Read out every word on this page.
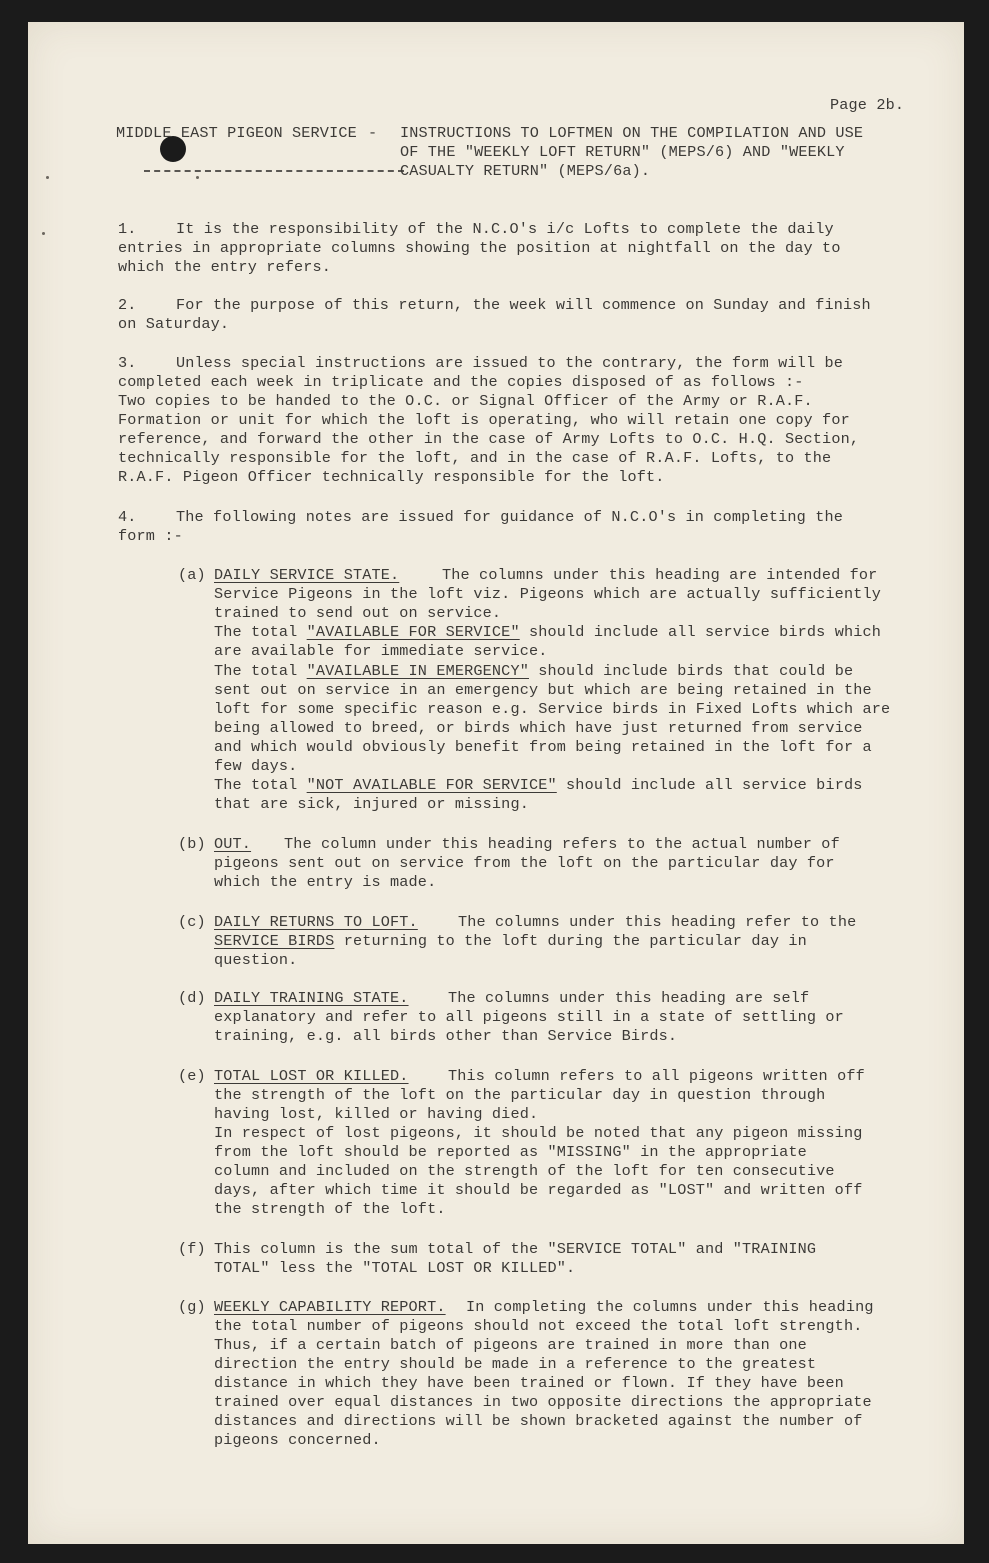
Page 2b.
MIDDLE EAST PIGEON SERVICE - INSTRUCTIONS TO LOFTMEN ON THE COMPILATION AND USE
OF THE "WEEKLY LOFT RETURN" (MEPS/6) AND "WEEKLY
CASUALTY RETURN" (MEPS/6a).
1.	It is the responsibility of the N.C.O's i/c Lofts to complete the daily
entries in appropriate columns showing the position at nightfall on the day to
which the entry refers.
2.	For the purpose of this return, the week will commence on Sunday and finish
on Saturday.
3.	Unless special instructions are issued to the contrary, the form will be
completed each week in triplicate and the copies disposed of as follows :-
Two copies to be handed to the O.C. or Signal Officer of the Army or R.A.F.
Formation or unit for which the loft is operating, who will retain one copy for
reference, and forward the other in the case of Army Lofts to O.C. H.Q. Section,
technically responsible for the loft, and in the case of R.A.F. Lofts, to the
R.A.F. Pigeon Officer technically responsible for the loft.
4.	The following notes are issued for guidance of N.C.O's in completing the
form :-
(a) DAILY SERVICE STATE.	The columns under this heading are intended for
Service Pigeons in the loft viz. Pigeons which are actually sufficiently
trained to send out on service.
The total "AVAILABLE FOR SERVICE" should include all service birds which
are available for immediate service.
The total "AVAILABLE IN EMERGENCY" should include birds that could be
sent out on service in an emergency but which are being retained in the
loft for some specific reason e.g. Service birds in Fixed Lofts which are
being allowed to breed, or birds which have just returned from service
and which would obviously benefit from being retained in the loft for a
few days.
The total "NOT AVAILABLE FOR SERVICE" should include all service birds
that are sick, injured or missing.
(b) OUT. The column under this heading refers to the actual number of
pigeons sent out on service from the loft on the particular day for
which the entry is made.
(c) DAILY RETURNS TO LOFT.	The columns under this heading refer to the
SERVICE BIRDS returning to the loft during the particular day in
question.
(d) DAILY TRAINING STATE.	The columns under this heading are self
explanatory and refer to all pigeons still in a state of settling or
training, e.g. all birds other than Service Birds.
(e) TOTAL LOST OR KILLED.	This column refers to all pigeons written off
the strength of the loft on the particular day in question through
having lost, killed or having died.
In respect of lost pigeons, it should be noted that any pigeon missing
from the loft should be reported as "MISSING" in the appropriate
column and included on the strength of the loft for ten consecutive
days, after which time it should be regarded as "LOST" and written off
the strength of the loft.
(f) This column is the sum total of the "SERVICE TOTAL" and "TRAINING
TOTAL" less the "TOTAL LOST OR KILLED".
(g) WEEKLY CAPABILITY REPORT. In completing the columns under this heading
the total number of pigeons should not exceed the total loft strength.
Thus, if a certain batch of pigeons are trained in more than one
direction the entry should be made in a reference to the greatest
distance in which they have been trained or flown. If they have been
trained over equal distances in two opposite directions the appropriate
distances and directions will be shown bracketed against the number of
pigeons concerned.
